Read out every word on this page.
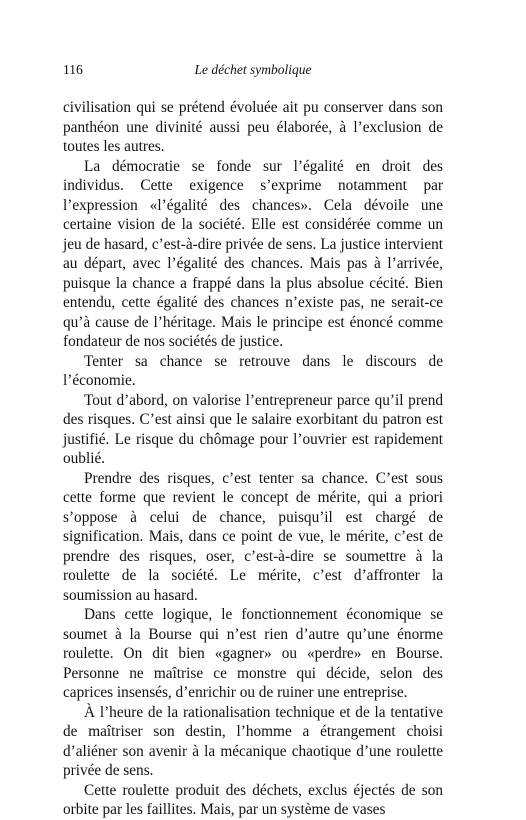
116	Le déchet symbolique

civilisation qui se prétend évoluée ait pu conserver dans son panthéon une divinité aussi peu élaborée, à l’exclusion de toutes les autres.

La démocratie se fonde sur l’égalité en droit des individus. Cette exigence s’exprime notamment par l’expression «l’égalité des chances». Cela dévoile une certaine vision de la société. Elle est considérée comme un jeu de hasard, c’est-à-dire privée de sens. La justice intervient au départ, avec l’égalité des chances. Mais pas à l’arrivée, puisque la chance a frappé dans la plus absolue cécité. Bien entendu, cette égalité des chances n’existe pas, ne serait-ce qu’à cause de l’héritage. Mais le principe est énoncé comme fondateur de nos sociétés de justice.

Tenter sa chance se retrouve dans le discours de l’économie.

Tout d’abord, on valorise l’entrepreneur parce qu’il prend des risques. C’est ainsi que le salaire exorbitant du patron est justifié. Le risque du chômage pour l’ouvrier est rapidement oublié.

Prendre des risques, c’est tenter sa chance. C’est sous cette forme que revient le concept de mérite, qui a priori s’oppose à celui de chance, puisqu’il est chargé de signification. Mais, dans ce point de vue, le mérite, c’est de prendre des risques, oser, c’est-à-dire se soumettre à la roulette de la société. Le mérite, c’est d’affronter la soumission au hasard.

Dans cette logique, le fonctionnement économique se soumet à la Bourse qui n’est rien d’autre qu’une énorme roulette. On dit bien «gagner» ou «perdre» en Bourse. Personne ne maîtrise ce monstre qui décide, selon des caprices insensés, d’enrichir ou de ruiner une entreprise.

À l’heure de la rationalisation technique et de la tentative de maîtriser son destin, l’homme a étrangement choisi d’aliéner son avenir à la mécanique chaotique d’une roulette privée de sens.

Cette roulette produit des déchets, exclus éjectés de son orbite par les faillites. Mais, par un système de vases
